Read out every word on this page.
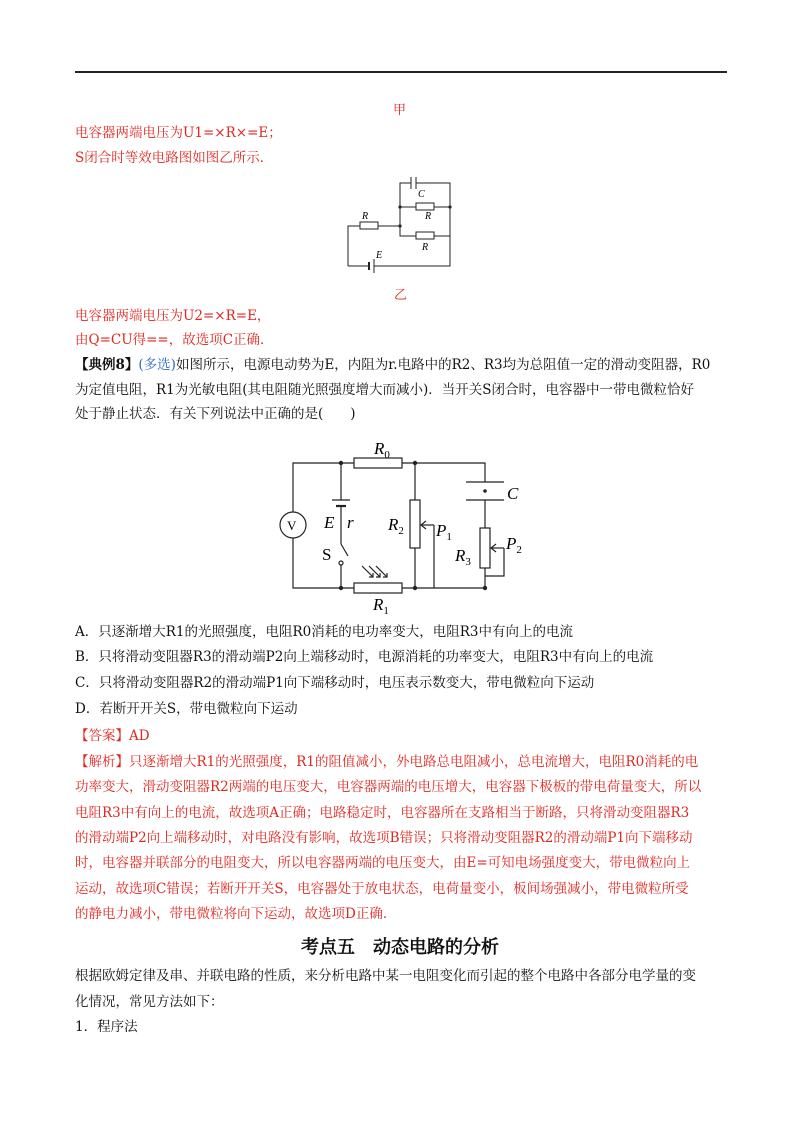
甲
电容器两端电压为U1=×R×=E；
S闭合时等效电路图如图乙所示．
C
R
R
R
E
乙
电容器两端电压为U2=×R=E，
由Q=CU得==，故选项C正确．
【典例8】(多选)如图所示，电源电动势为E，内阻为r.电路中的R2、R3均为总阻值一定的滑动变阻器，R0
为定值电阻，R1为光敏电阻(其电阻随光照强度增大而减小)．当开关S闭合时，电容器中一带电微粒恰好
处于静止状态．有关下列说法中正确的是(　　)
V
$R_0$
C
E r $R_2$ $P_1$
$R_3$
$P_2$
S
$R_1$
A．只逐渐增大R1的光照强度，电阻R0消耗的电功率变大，电阻R3中有向上的电流
B．只将滑动变阻器R3的滑动端P2向上端移动时，电源消耗的功率变大，电阻R3中有向上的电流
C．只将滑动变阻器R2的滑动端P1向下端移动时，电压表示数变大，带电微粒向下运动
D．若断开开关S，带电微粒向下运动
【答案】AD
【解析】只逐渐增大R1的光照强度，R1的阻值减小，外电路总电阻减小，总电流增大，电阻R0消耗的电
功率变大，滑动变阻器R2两端的电压变大，电容器两端的电压增大，电容器下极板的带电荷量变大，所以
电阻R3中有向上的电流，故选项A正确；电路稳定时，电容器所在支路相当于断路，只将滑动变阻器R3
的滑动端P2向上端移动时，对电路没有影响，故选项B错误；只将滑动变阻器R2的滑动端P1向下端移动
时，电容器并联部分的电阻变大，所以电容器两端的电压变大，由E=可知电场强度变大，带电微粒向上
运动，故选项C错误；若断开开关S，电容器处于放电状态，电荷量变小，板间场强减小，带电微粒所受
的静电力减小，带电微粒将向下运动，故选项D正确．
考点五　动态电路的分析
根据欧姆定律及串、并联电路的性质，来分析电路中某一电阻变化而引起的整个电路中各部分电学量的变
化情况，常见方法如下：
1．程序法
